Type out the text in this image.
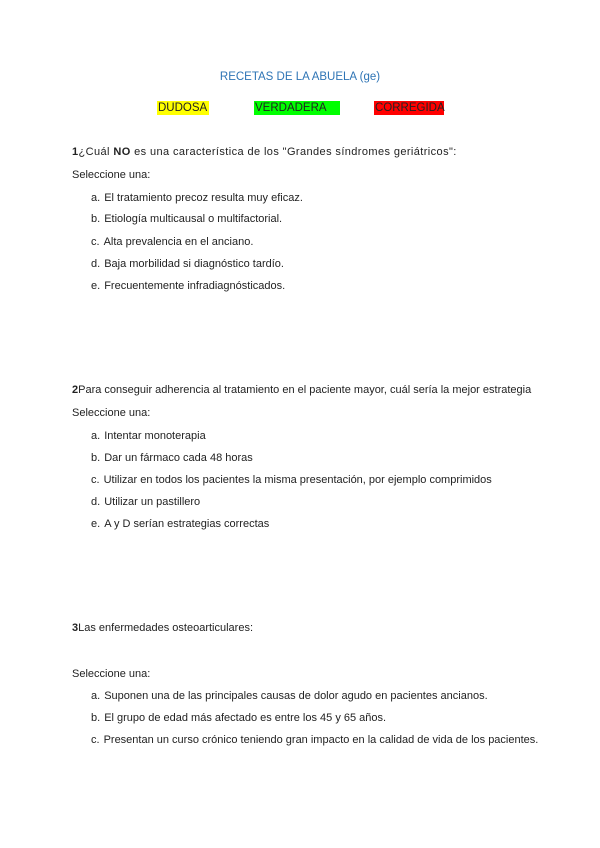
RECETAS DE LA ABUELA (ge)
DUDOSA	VERDADERA	CORREGIDA
1¿Cuál NO es una característica de los "Grandes síndromes geriátricos":
Seleccione una:
a. El tratamiento precoz resulta muy eficaz.
b. Etiología multicausal o multifactorial.
c. Alta prevalencia en el anciano.
d. Baja morbilidad si diagnóstico tardío.
e. Frecuentemente infradiagnósticados.
2Para conseguir adherencia al tratamiento en el paciente mayor, cuál sería la mejor estrategia
Seleccione una:
a. Intentar monoterapia
b. Dar un fármaco cada 48 horas
c. Utilizar en todos los pacientes la misma presentación, por ejemplo comprimidos
d. Utilizar un pastillero
e. A y D serían estrategias correctas
3Las enfermedades osteoarticulares:
Seleccione una:
a. Suponen una de las principales causas de dolor agudo en pacientes ancianos.
b. El grupo de edad más afectado es entre los 45 y 65 años.
c. Presentan un curso crónico teniendo gran impacto en la calidad de vida de los pacientes.
